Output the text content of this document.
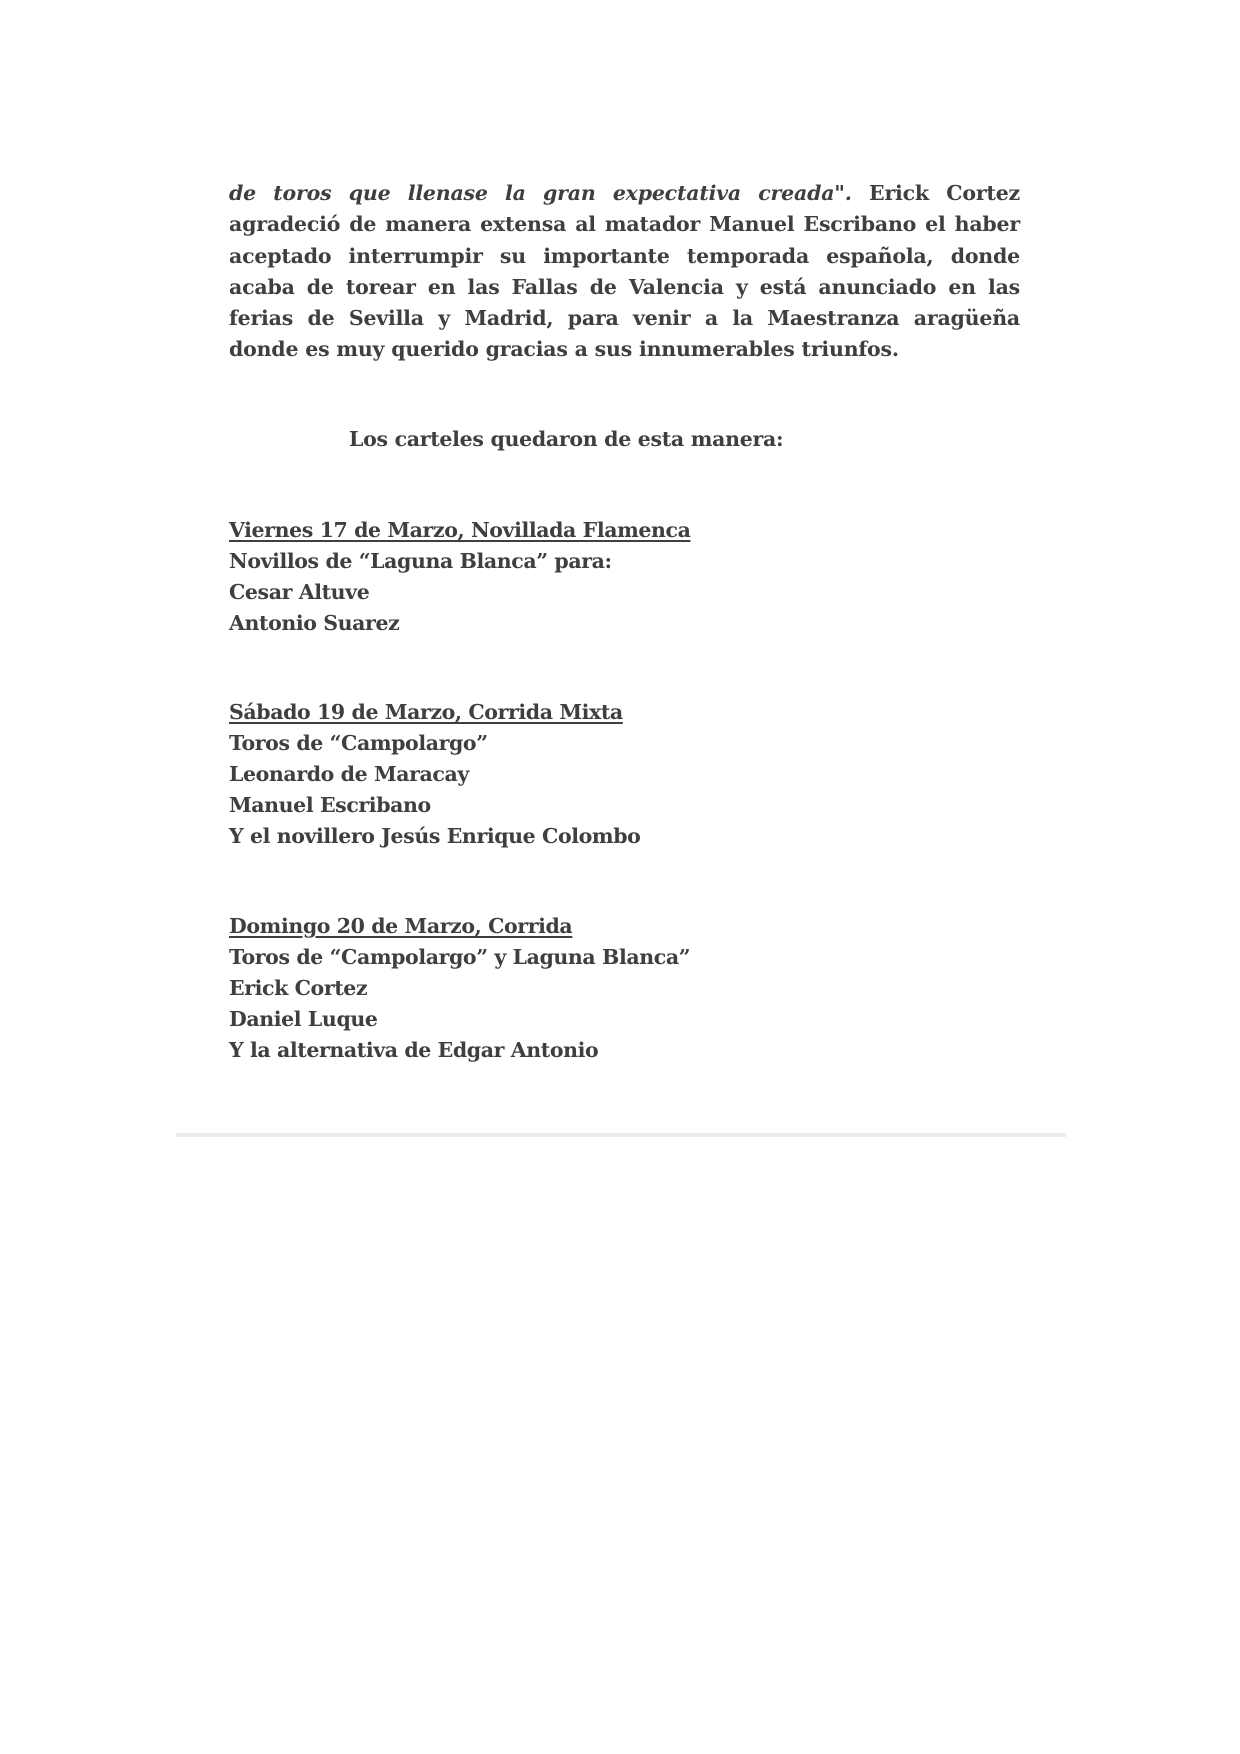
de toros que llenase la gran expectativa creada". Erick Cortez agradeció de manera extensa al matador Manuel Escribano el haber aceptado interrumpir su importante temporada española, donde acaba de torear en las Fallas de Valencia y está anunciado en las ferias de Sevilla y Madrid, para venir a la Maestranza aragüeña donde es muy querido gracias a sus innumerables triunfos.

Los carteles quedaron de esta manera:
Viernes 17 de Marzo, Novillada Flamenca
Novillos de “Laguna Blanca” para:
Cesar Altuve
Antonio Suarez
Sábado 19 de Marzo, Corrida Mixta
Toros de “Campolargo”
Leonardo de Maracay
Manuel Escribano
Y el novillero Jesús Enrique Colombo
Domingo 20 de Marzo, Corrida
Toros de “Campolargo” y Laguna Blanca”
Erick Cortez
Daniel Luque
Y la alternativa de Edgar Antonio
